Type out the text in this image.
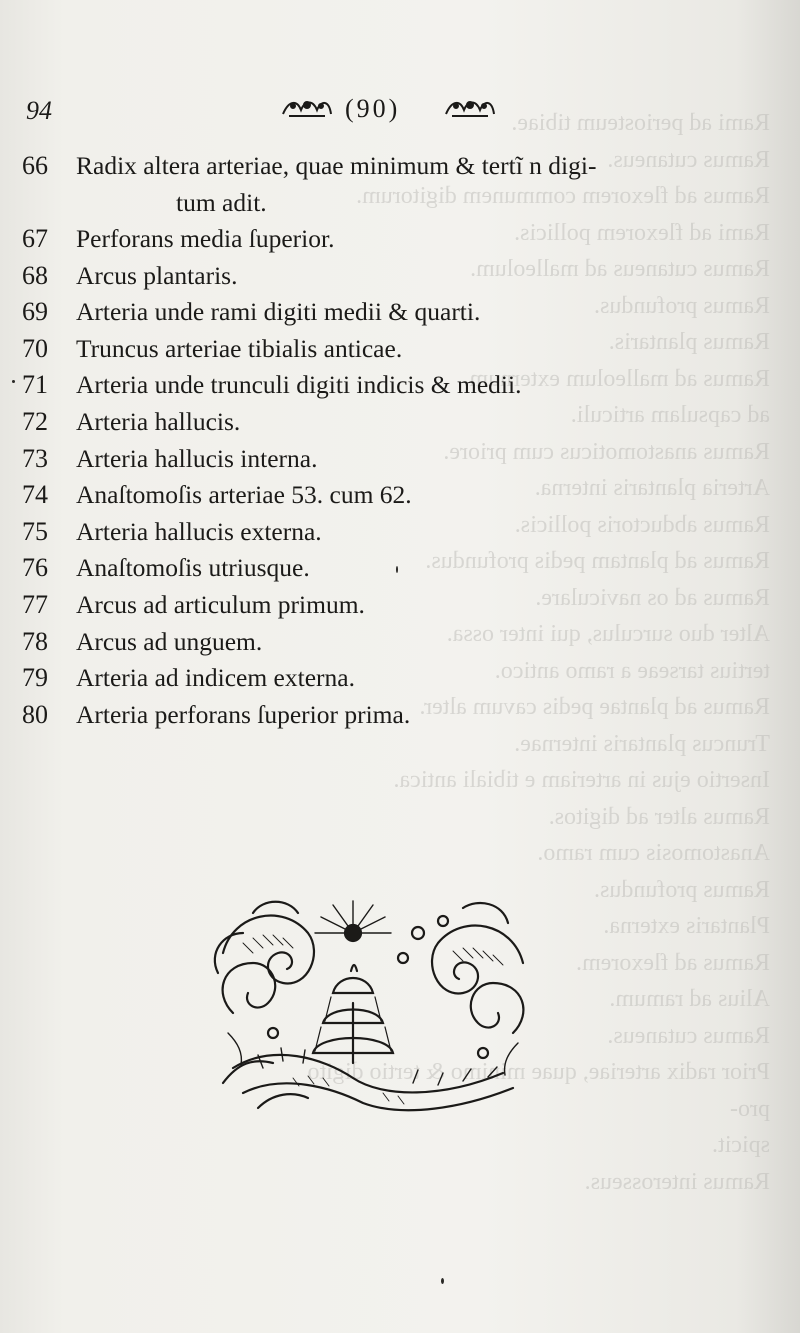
Rami ad periosteum tibiae.
Ramus cutaneus.
Ramus ad flexorem communem digitorum.
Rami ad flexorem pollicis.
Ramus cutaneus ad malleolum.
Ramus profundus.
Ramus plantaris.
Ramus ad malleolum externum.
ad capsulam articuli.
Ramus anastomoticus cum priore.
Arteria plantaris interna.
Ramus abductoris pollicis.
Ramus ad plantam pedis profundus.
Ramus ad os naviculare.
Alter duo surculus, qui inter ossa.
tertius tarseae a ramo antico.
Ramus ad plantae pedis cavum alter.
Truncus plantaris internae.
Insertio ejus in arteriam e tibiali antica.
Ramus alter ad digitos.
Anastomosis cum ramo.
Ramus profundus.
Plantaris externa.
Ramus ad flexorem.
Alius ad ramum.
Ramus cutaneus.
Prior radix arteriae, quae minimo & tertio digito pro-
spicit.
Ramus interosseus.
94	(90)
66	Radix altera arteriae, quae minimum & tertĩ n digi-
tum adit.
67	Perforans media ſuperior.
68	Arcus plantaris.
69	Arteria unde rami digiti medii & quarti.
70	Truncus arteriae tibialis anticae.
71	Arteria unde trunculi digiti indicis & medii.
72	Arteria hallucis.
73	Arteria hallucis interna.
74	Anaſtomoſis arteriae 53. cum 62.
75	Arteria hallucis externa.
76	Anaſtomoſis utriusque.
77	Arcus ad articulum primum.
78	Arcus ad unguem.
79	Arteria ad indicem externa.
80	Arteria perforans ſuperior prima.
